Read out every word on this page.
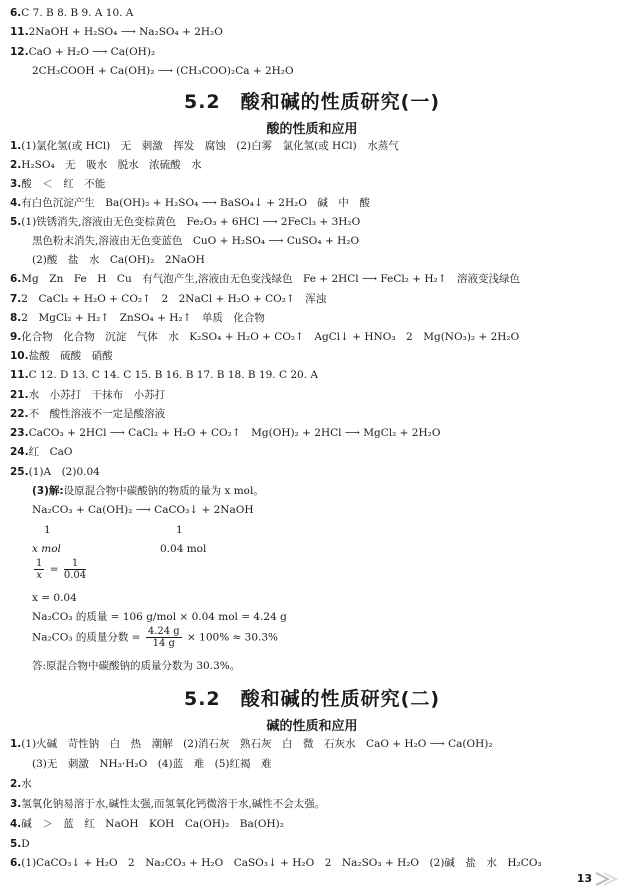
6.C 7. B 8. B 9. A 10. A
11.2NaOH + H₂SO₄ ⟶ Na₂SO₄ + 2H₂O
12.CaO + H₂O ⟶ Ca(OH)₂
2CH₃COOH + Ca(OH)₂ ⟶ (CH₃COO)₂Ca + 2H₂O
5.2　酸和碱的性质研究(一)
酸的性质和应用
1.(1)氯化氢(或 HCl)　无　刺激　挥发　腐蚀　(2)白雾　氯化氢(或 HCl)　水蒸气
2.H₂SO₄　无　吸水　脱水　浓硫酸　水
3.酸　＜　红　不能
4.有白色沉淀产生　Ba(OH)₂ + H₂SO₄ ⟶ BaSO₄↓ + 2H₂O　碱　中　酸
5.(1)铁锈消失,溶液由无色变棕黄色　Fe₂O₃ + 6HCl ⟶ 2FeCl₃ + 3H₂O
黑色粉末消失,溶液由无色变蓝色　CuO + H₂SO₄ ⟶ CuSO₄ + H₂O
(2)酸　盐　水　Ca(OH)₂　2NaOH
6.Mg　Zn　Fe　H　Cu　有气泡产生,溶液由无色变浅绿色　Fe + 2HCl ⟶ FeCl₂ + H₂↑　溶液变浅绿色
7.2　CaCl₂ + H₂O + CO₂↑　2　2NaCl + H₂O + CO₂↑　浑浊
8.2　MgCl₂ + H₂↑　ZnSO₄ + H₂↑　单质　化合物
9.化合物　化合物　沉淀　气体　水　K₂SO₄ + H₂O + CO₂↑　AgCl↓ + HNO₃　2　Mg(NO₃)₂ + 2H₂O
10.盐酸　硫酸　硝酸
11.C 12. D 13. C 14. C 15. B 16. B 17. B 18. B 19. C 20. A
21.水　小苏打　干抹布　小苏打
22.不　酸性溶液不一定是酸溶液
23.CaCO₃ + 2HCl ⟶ CaCl₂ + H₂O + CO₂↑　Mg(OH)₂ + 2HCl ⟶ MgCl₂ + 2H₂O
24.红　CaO
25.(1)A　(2)0.04
(3)解:设原混合物中碳酸钠的物质的量为 x mol。
Na₂CO₃ + Ca(OH)₂ ⟶ CaCO₃↓ + 2NaOH
1	1
x mol	0.04 mol
$\frac{1}{x} = \frac{1}{0.04}$
x = 0.04
Na₂CO₃ 的质量 = 106 g/mol × 0.04 mol = 4.24 g
Na₂CO₃ 的质量分数 = $\frac{4.24 g}{14 g} \times 100\% \approx 30.3\%$
答:原混合物中碳酸钠的质量分数为 30.3%。
5.2　酸和碱的性质研究(二)
碱的性质和应用
1.(1)火碱　苛性钠　白　热　潮解　(2)消石灰　熟石灰　白　微　石灰水　CaO + H₂O ⟶ Ca(OH)₂
(3)无　刺激　NH₃·H₂O　(4)蓝　难　(5)红褐　难
2.水
3.氢氧化钠易溶于水,碱性太强,而氢氧化钙微溶于水,碱性不会太强。
4.碱　＞　蓝　红　NaOH　KOH　Ca(OH)₂　Ba(OH)₂
5.D
6.(1)CaCO₃↓ + H₂O　2　Na₂CO₃ + H₂O　CaSO₃↓ + H₂O　2　Na₂SO₃ + H₂O　(2)碱　盐　水　H₂CO₃
13
